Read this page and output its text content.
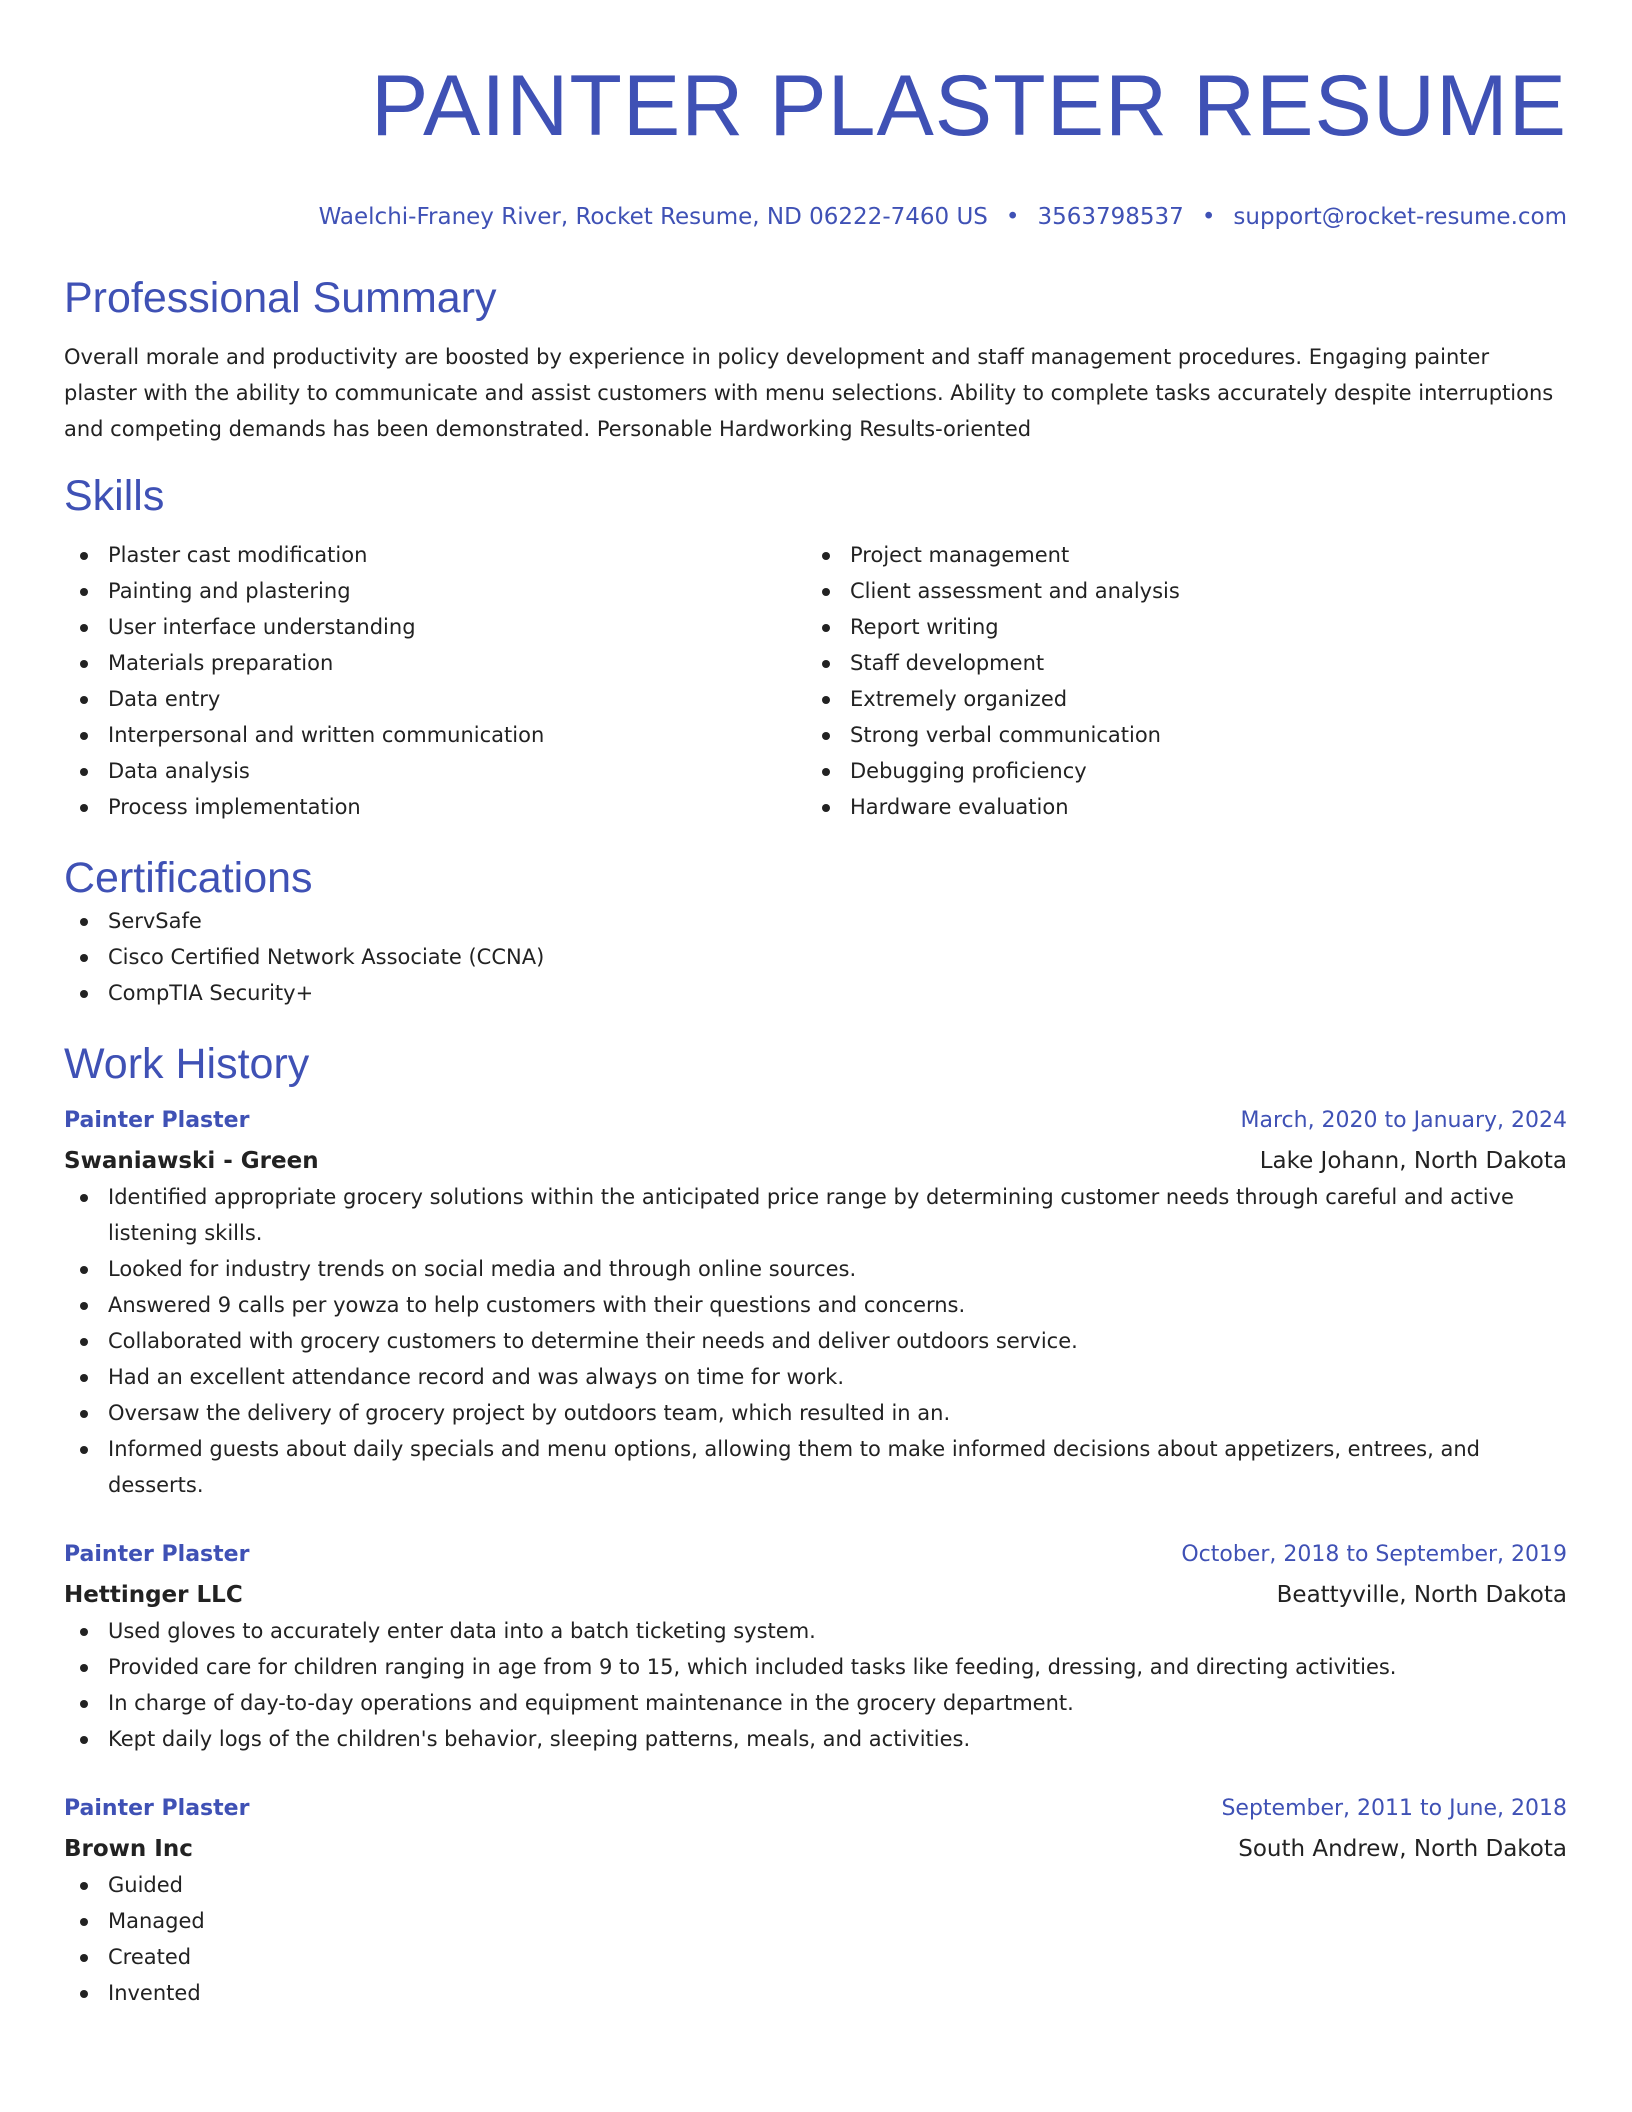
PAINTER PLASTER RESUME
Waelchi-Franey River, Rocket Resume, ND 06222-7460 US • 3563798537 • support@rocket-resume.com
Professional Summary
Overall morale and productivity are boosted by experience in policy development and staff management procedures. Engaging painter plaster with the ability to communicate and assist customers with menu selections. Ability to complete tasks accurately despite interruptions and competing demands has been demonstrated. Personable Hardworking Results-oriented
Skills
Plaster cast modification
Painting and plastering
User interface understanding
Materials preparation
Data entry
Interpersonal and written communication
Data analysis
Process implementation
Project management
Client assessment and analysis
Report writing
Staff development
Extremely organized
Strong verbal communication
Debugging proficiency
Hardware evaluation
Certifications
ServSafe
Cisco Certified Network Associate (CCNA)
CompTIA Security+
Work History
Painter Plaster	March, 2020 to January, 2024
Swaniawski - Green	Lake Johann, North Dakota
Identified appropriate grocery solutions within the anticipated price range by determining customer needs through careful and active listening skills.
Looked for industry trends on social media and through online sources.
Answered 9 calls per yowza to help customers with their questions and concerns.
Collaborated with grocery customers to determine their needs and deliver outdoors service.
Had an excellent attendance record and was always on time for work.
Oversaw the delivery of grocery project by outdoors team, which resulted in an.
Informed guests about daily specials and menu options, allowing them to make informed decisions about appetizers, entrees, and desserts.
Painter Plaster	October, 2018 to September, 2019
Hettinger LLC	Beattyville, North Dakota
Used gloves to accurately enter data into a batch ticketing system.
Provided care for children ranging in age from 9 to 15, which included tasks like feeding, dressing, and directing activities.
In charge of day-to-day operations and equipment maintenance in the grocery department.
Kept daily logs of the children's behavior, sleeping patterns, meals, and activities.
Painter Plaster	September, 2011 to June, 2018
Brown Inc	South Andrew, North Dakota
Guided
Managed
Created
Invented
